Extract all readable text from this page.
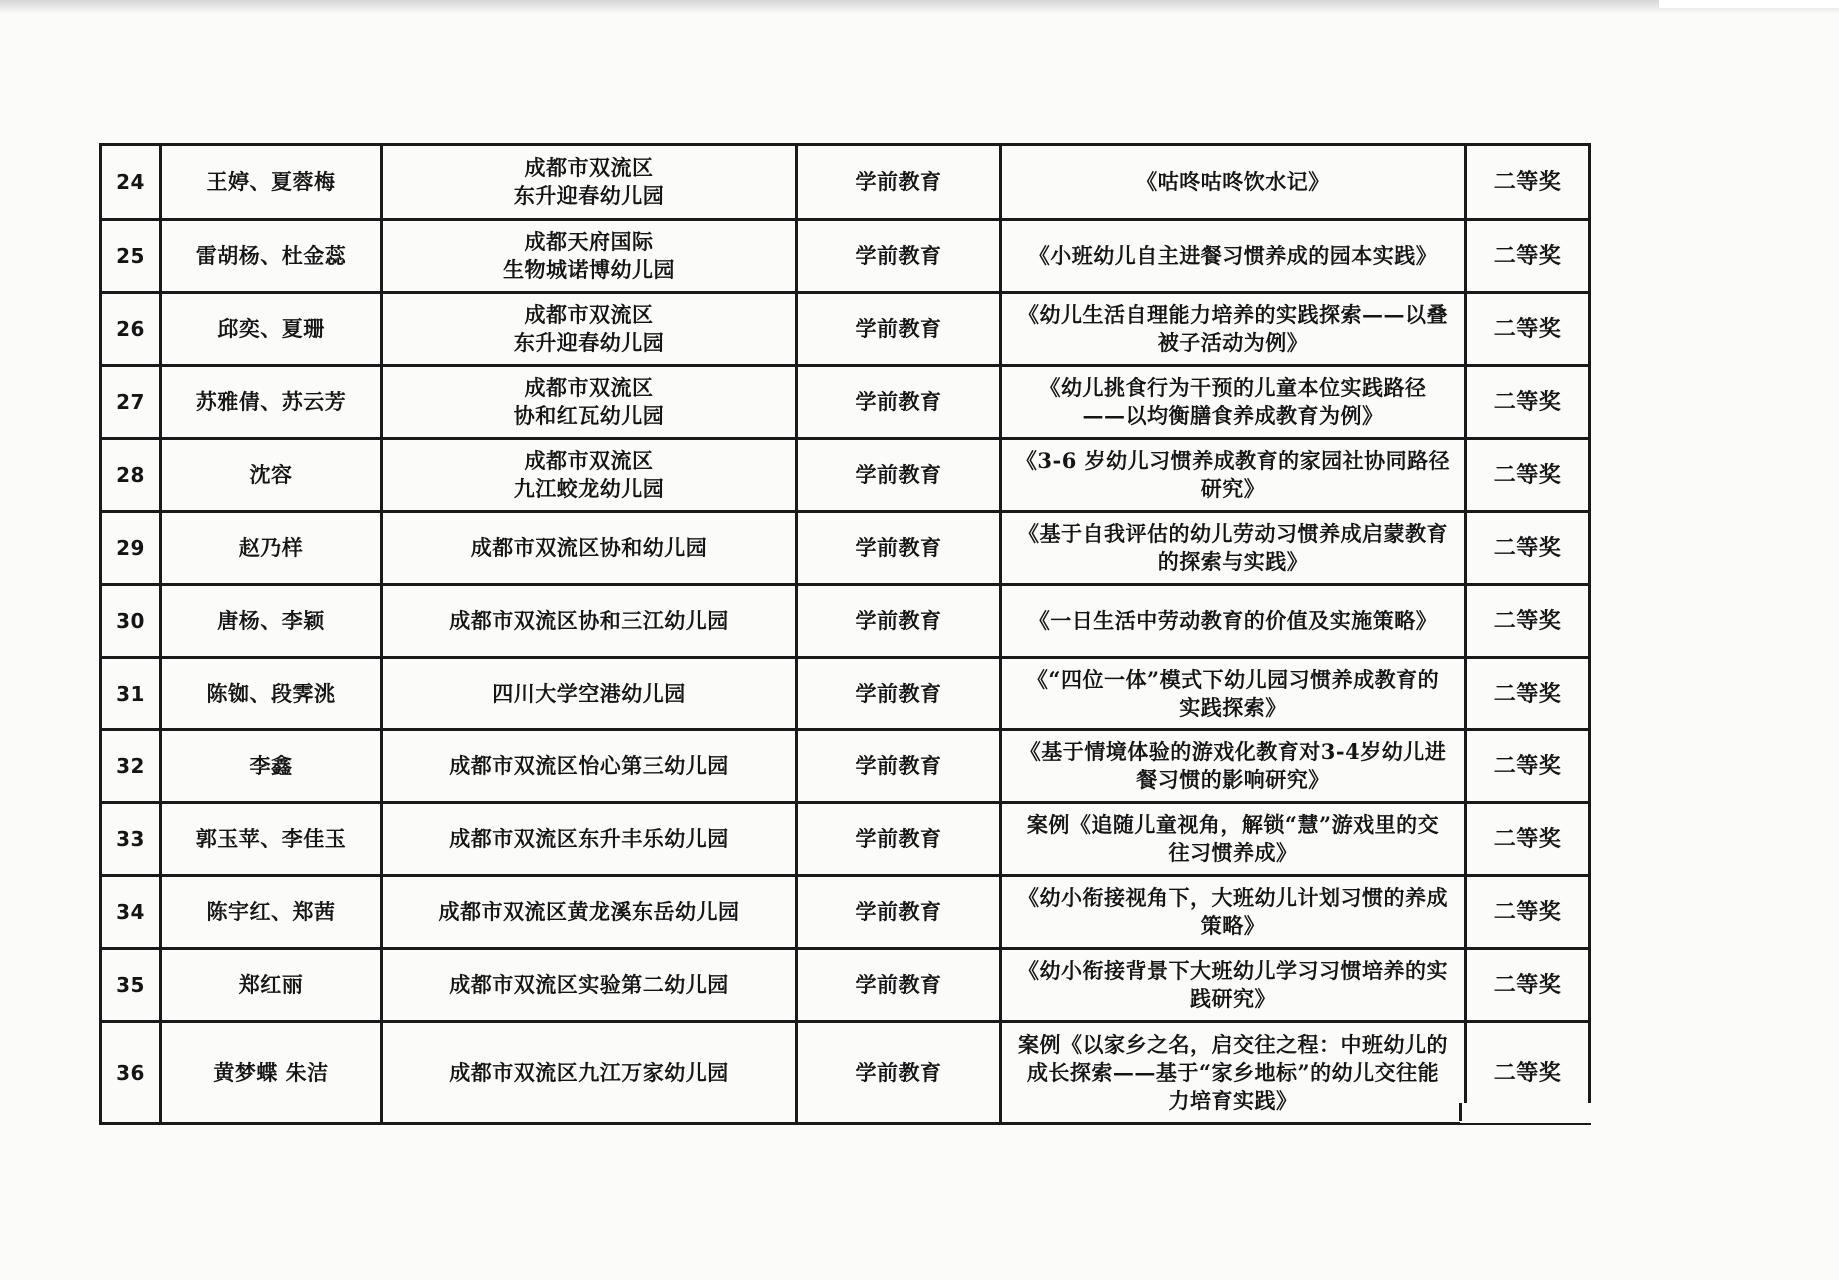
24	王婷、夏蓉梅	成都市双流区
东升迎春幼儿园	学前教育	《咕咚咕咚饮水记》	二等奖
25	雷胡杨、杜金蕊	成都天府国际
生物城诺博幼儿园	学前教育	《小班幼儿自主进餐习惯养成的园本实践》	二等奖
26	邱奕、夏珊	成都市双流区
东升迎春幼儿园	学前教育	《幼儿生活自理能力培养的实践探索——以叠
被子活动为例》	二等奖
27	苏雅倩、苏云芳	成都市双流区
协和红瓦幼儿园	学前教育	《幼儿挑食行为干预的儿童本位实践路径
——以均衡膳食养成教育为例》	二等奖
28	沈容	成都市双流区
九江蛟龙幼儿园	学前教育	《3-6 岁幼儿习惯养成教育的家园社协同路径
研究》	二等奖
29	赵乃样	成都市双流区协和幼儿园	学前教育	《基于自我评估的幼儿劳动习惯养成启蒙教育
的探索与实践》	二等奖
30	唐杨、李颖	成都市双流区协和三江幼儿园	学前教育	《一日生活中劳动教育的价值及实施策略》	二等奖
31	陈铷、段霁洮	四川大学空港幼儿园	学前教育	《“四位一体”模式下幼儿园习惯养成教育的
实践探索》	二等奖
32	李鑫	成都市双流区怡心第三幼儿园	学前教育	《基于情境体验的游戏化教育对3-4岁幼儿进
餐习惯的影响研究》	二等奖
33	郭玉苹、李佳玉	成都市双流区东升丰乐幼儿园	学前教育	案例《追随儿童视角，解锁“慧”游戏里的交
往习惯养成》	二等奖
34	陈宇红、郑茜	成都市双流区黄龙溪东岳幼儿园	学前教育	《幼小衔接视角下，大班幼儿计划习惯的养成
策略》	二等奖
35	郑红丽	成都市双流区实验第二幼儿园	学前教育	《幼小衔接背景下大班幼儿学习习惯培养的实
践研究》	二等奖
36	黄梦蝶 朱洁	成都市双流区九江万家幼儿园	学前教育	案例《以家乡之名，启交往之程：中班幼儿的
成长探索——基于“家乡地标”的幼儿交往能
力培育实践》	二等奖
